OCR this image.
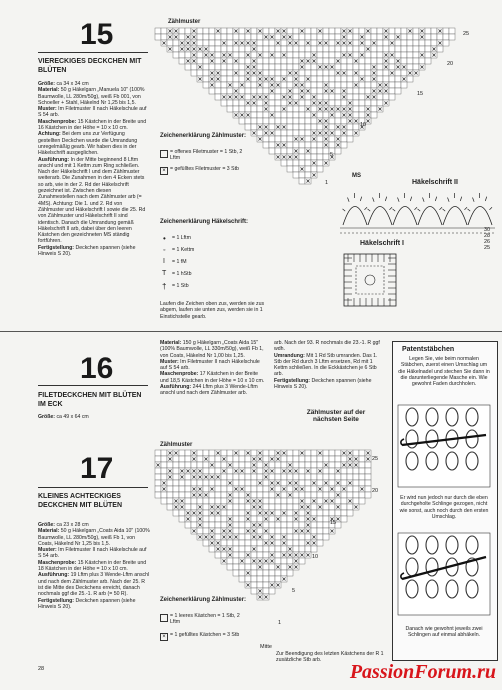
15
VIERECKIGES DECKCHEN MIT BLÜTEN
Größe: ca 34 x 34 cm
Material: 50 g Häkelgarn „Manuela 10" (100% Baumwolle, LL 280m/50g), weiß Fb 001, von Schoeller + Stahl, Häkelnd Nr 1,25 bis 1,5.
Muster: Im Filetmuster II nach Häkelschule auf S 54 arb.
Maschenprobe: 15 Kästchen in der Breite und 16 Kästchen in der Höhe = 10 x 10 cm.
Achtung: Bei dem uns zur Verfügung gestellten Deckchen wurde die Umrandung unregelmäßig gearb. Wir haben dies in der Häkelschrift ausgeglichen.
Ausführung: In der Mitte beginnend 8 Lftm anschl und mit 1 Kettm zum Ring schließen. Nach der Häkelschrift I und dem Zählmuster weiterarb. Die Zunahmen in den 4 Ecken stets so arb, wie in der 2. Rd der Häkelschrift gezeichnet ist. Zwischen diesen Zunahmestellen nach dem Zählmuster arb (= 4MS). Achtung: Die 1. und 2. Rd von Zählmuster und Häkelschrift I sowie die 25. Rd von Zählmuster und Häkelschrift II sind identisch. Danach die Umrandung gemäß Häkelschrift II arb, dabei über den leeren Kästchen den gezeichneten MS ständig fortführen.
Fertigstellung: Deckchen spannen (siehe Hinweis S 20).
Zählmuster
25
20
15
10
5
1
Zeichenerklärung Zählmuster:
= offenes Filetmuster = 1 Stb, 2 Lftm
× = gefülltes Filetmuster = 3 Stb
Zeichenerklärung Häkelschrift:
• = 1 Lftm
◦ = 1 Kettm
I = 1 fM
T = 1 hStb
† = 1 Stb
Laufen die Zeichen oben zus, werden sie zus abgem, laufen sie unten zus, werden sie in 1 Einstichstelle gearb.
MS
Häkelschrift II
30
28
26
25
Häkelschrift I
16
FILETDECKCHEN MIT BLÜTEN IM ECK
Größe: ca 49 x 64 cm
Material: 150 g Häkelgarn „Coats Aida 15" (100% Baumwolle, LL 330m/50g), weiß Fb 1, von Coats, Häkelnd Nr 1,00 bis 1,25.
Muster: Im Filetmuster II nach Häkelschule auf S 54 arb.
Maschenprobe: 17 Kästchen in der Breite und 18,5 Kästchen in der Höhe = 10 x 10 cm.
Ausführung: 244 Lftm plus 3 Wende-Lftm anschl und nach dem Zählmuster arb.
arb. Nach der 93. R nochmals die 23.-1. R ggf wdh.
Umrandung: Mit 1 Rd Stb umranden. Das 1. Stb der Rd durch 3 Lftm ersetzen, Rd mit 1 Kettm schließen. In die Eckkästchen je 6 Stb arb.
Fertigstellung: Deckchen spannen (siehe Hinweis S 20).
Zählmuster auf der nächsten Seite
Patentstäbchen
Legen Sie, wie beim normalen Stäbchen, zuerst einen Umschlag um die Häkelnadel und stechen Sie dann in die darunterliegende Masche ein. Wie gewohnt Faden durchholen.
Er wird nun jedoch nur durch die eben durchgeholte Schlinge gezogen, nicht wie sonst, auch noch durch den ersten Umschlag.
Danach wie gewohnt jeweils zwei Schlingen auf einmal abhäkeln.
17
KLEINES ACHTECKIGES DECKCHEN MIT BLÜTEN
Größe: ca 23 x 28 cm
Material: 50 g Häkelgarn „Coats Aida 10" (100% Baumwolle, LL 280m/50g), weiß Fb 1, von Coats, Häkelnd Nr 1,25 bis 1,5.
Muster: Im Filetmuster II nach Häkelschule auf S 54 arb.
Maschenprobe: 15 Kästchen in der Breite und 18 Kästchen in der Höhe = 10 x 10 cm.
Ausführung: 19 Lftm plus 3 Wende-Lftm anschl und nach dem Zählmuster arb. Nach der 25. R ist die Mitte des Deckchens erreicht, danach nochmals ggf die 25.-1. R arb (= 50 R).
Fertigstellung: Deckchen spannen (siehe Hinweis S 20).
Zählmuster
25
20
15
10
5
1
Mitte
Zeichenerklärung Zählmuster:
= 1 leeres Kästchen = 1 Stb, 2 Lftm
× = 1 gefülltes Kästchen = 3 Stb
Zur Beendigung des letzten Kästchens der R 1 zusätzliche Stb arb.
28	PassionForum.ru
